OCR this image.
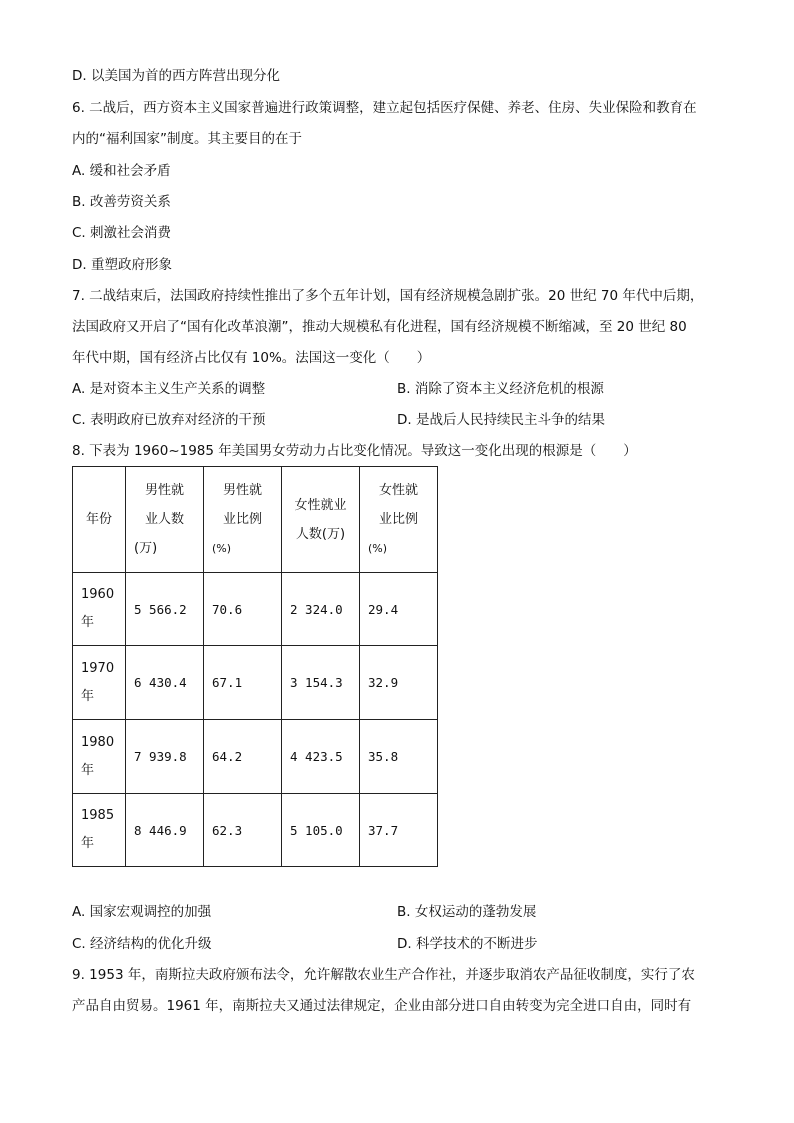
D. 以美国为首的西方阵营出现分化
6. 二战后，西方资本主义国家普遍进行政策调整，建立起包括医疗保健、养老、住房、失业保险和教育在
内的“福利国家”制度。其主要目的在于
A. 缓和社会矛盾
B. 改善劳资关系
C. 刺激社会消费
D. 重塑政府形象
7. 二战结束后，法国政府持续性推出了多个五年计划，国有经济规模急剧扩张。20 世纪 70 年代中后期，
法国政府又开启了“国有化改革浪潮”，推动大规模私有化进程，国有经济规模不断缩减，至 20 世纪 80
年代中期，国有经济占比仅有 10%。法国这一变化（　　）
A. 是对资本主义生产关系的调整	B. 消除了资本主义经济危机的根源
C. 表明政府已放弃对经济的干预	D. 是战后人民持续民主斗争的结果
8. 下表为 1960~1985 年美国男女劳动力占比变化情况。导致这一变化出现的根源是（　　）
年份	男性就
业人数
(万)	男性就
业比例
(%)	女性就业
人数(万)	女性就
业比例
(%)

1960
年	5 566.2	70.6	2 324.0	29.4
1970
年	6 430.4	67.1	3 154.3	32.9
1980
年	7 939.8	64.2	4 423.5	35.8
1985
年	8 446.9	62.3	5 105.0	37.7
A. 国家宏观调控的加强	B. 女权运动的蓬勃发展
C. 经济结构的优化升级	D. 科学技术的不断进步
9. 1953 年，南斯拉夫政府颁布法令，允许解散农业生产合作社，并逐步取消农产品征收制度，实行了农
产品自由贸易。1961 年，南斯拉夫又通过法律规定，企业由部分进口自由转变为完全进口自由，同时有
